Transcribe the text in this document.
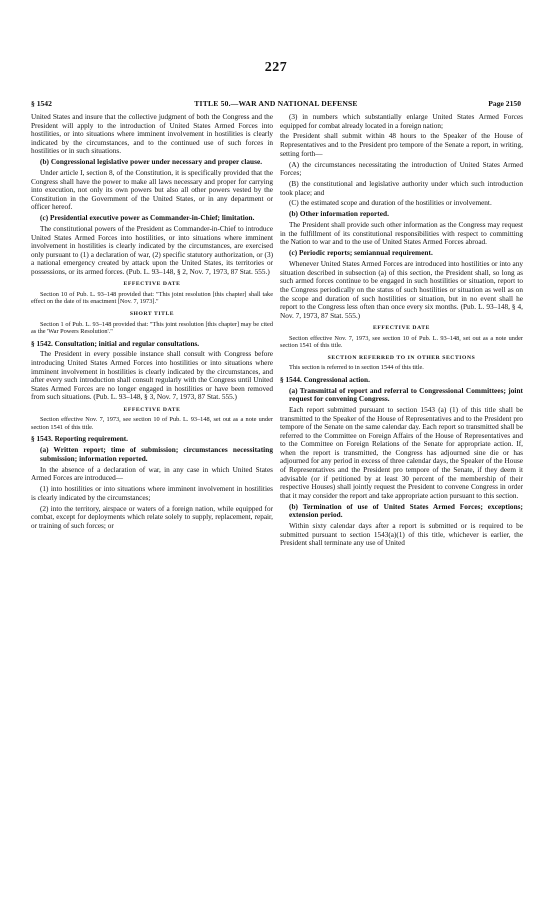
227
TITLE 50.—WAR AND NATIONAL DEFENSE
§ 1542	Page 2150

United States and insure that the collective judgment of both the Congress and the President will apply to the introduction of United States Armed Forces into hostilities, or into situations where imminent involvement in hostilities is clearly indicated by the circumstances, and to the continued use of such forces in hostilities or in such situations.

(b) Congressional legislative power under necessary and proper clause.

Under article I, section 8, of the Constitution, it is specifically provided that the Congress shall have the power to make all laws necessary and proper for carrying into execution, not only its own powers but also all other powers vested by the Constitution in the Government of the United States, or in any department or officer hereof.

(c) Presidential executive power as Commander-in-Chief; limitation.

The constitutional powers of the President as Commander-in-Chief to introduce United States Armed Forces into hostilities, or into situations where imminent involvement in hostilities is clearly indicated by the circumstances, are exercised only pursuant to (1) a declaration of war, (2) specific statutory authorization, or (3) a national emergency created by attack upon the United States, its territories or possessions, or its armed forces. (Pub. L. 93–148, § 2, Nov. 7, 1973, 87 Stat. 555.)

EFFECTIVE DATE

Section 10 of Pub. L. 93–148 provided that: "This joint resolution [this chapter] shall take effect on the date of its enactment [Nov. 7, 1973]."

SHORT TITLE

Section 1 of Pub. L. 93–148 provided that: "This joint resolution [this chapter] may be cited as the 'War Powers Resolution'."

§ 1542. Consultation; initial and regular consultations.

The President in every possible instance shall consult with Congress before introducing United States Armed Forces into hostilities or into situations where imminent involvement in hostilities is clearly indicated by the circumstances, and after every such introduction shall consult regularly with the Congress until United States Armed Forces are no longer engaged in hostilities or have been removed from such situations. (Pub. L. 93–148, § 3, Nov. 7, 1973, 87 Stat. 555.)

EFFECTIVE DATE

Section effective Nov. 7, 1973, see section 10 of Pub. L. 93–148, set out as a note under section 1541 of this title.

§ 1543. Reporting requirement.

(a) Written report; time of submission; circumstances necessitating submission; information reported.

In the absence of a declaration of war, in any case in which United States Armed Forces are introduced—

(1) into hostilities or into situations where imminent involvement in hostilities is clearly indicated by the circumstances;

(2) into the territory, airspace or waters of a foreign nation, while equipped for combat, except for deployments which relate solely to supply, replacement, repair, or training of such forces; or

(3) in numbers which substantially enlarge United States Armed Forces equipped for combat already located in a foreign nation;

the President shall submit within 48 hours to the Speaker of the House of Representatives and to the President pro tempore of the Senate a report, in writing, setting forth—

(A) the circumstances necessitating the introduction of United States Armed Forces;

(B) the constitutional and legislative authority under which such introduction took place; and

(C) the estimated scope and duration of the hostilities or involvement.

(b) Other information reported.

The President shall provide such other information as the Congress may request in the fulfillment of its constitutional responsibilities with respect to committing the Nation to war and to the use of United States Armed Forces abroad.

(c) Periodic reports; semiannual requirement.

Whenever United States Armed Forces are introduced into hostilities or into any situation described in subsection (a) of this section, the President shall, so long as such armed forces continue to be engaged in such hostilities or situation, report to the Congress periodically on the status of such hostilities or situation as well as on the scope and duration of such hostilities or situation, but in no event shall he report to the Congress less often than once every six months. (Pub. L. 93–148, § 4, Nov. 7, 1973, 87 Stat. 555.)

EFFECTIVE DATE

Section effective Nov. 7, 1973, see section 10 of Pub. L. 93–148, set out as a note under section 1541 of this title.

SECTION REFERRED TO IN OTHER SECTIONS

This section is referred to in section 1544 of this title.

§ 1544. Congressional action.

(a) Transmittal of report and referral to Congressional Committees; joint request for convening Congress.

Each report submitted pursuant to section 1543 (a) (1) of this title shall be transmitted to the Speaker of the House of Representatives and to the President pro tempore of the Senate on the same calendar day. Each report so transmitted shall be referred to the Committee on Foreign Affairs of the House of Representatives and to the Committee on Foreign Relations of the Senate for appropriate action. If, when the report is transmitted, the Congress has adjourned sine die or has adjourned for any period in excess of three calendar days, the Speaker of the House of Representatives and the President pro tempore of the Senate, if they deem it advisable (or if petitioned by at least 30 percent of the membership of their respective Houses) shall jointly request the President to convene Congress in order that it may consider the report and take appropriate action pursuant to this section.

(b) Termination of use of United States Armed Forces; exceptions; extension period.

Within sixty calendar days after a report is submitted or is required to be submitted pursuant to section 1543(a)(1) of this title, whichever is earlier, the President shall terminate any use of United
